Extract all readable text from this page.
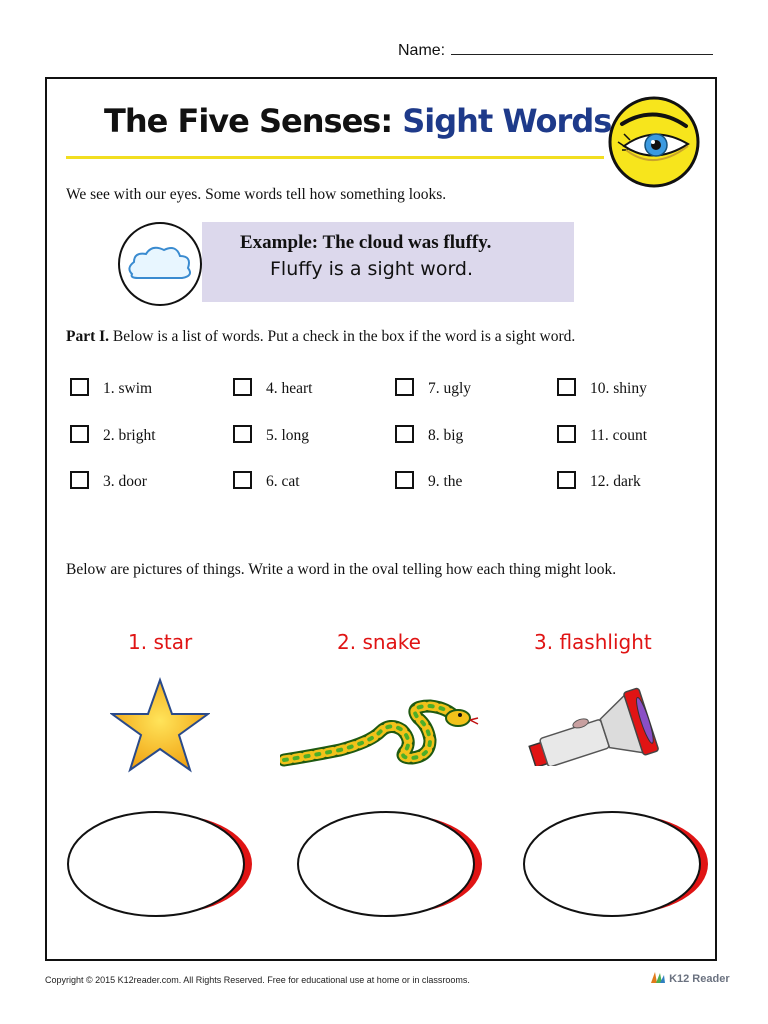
Name:
The Five Senses: Sight Words
We see with our eyes. Some words tell how something looks.
Example: The cloud was fluffy.
Fluffy is a sight word.
Part I. Below is a list of words. Put a check in the box if the word is a sight word.
1. swim
2. bright
3. door
4. heart
5. long
6. cat
7. ugly
8. big
9. the
10. shiny
11. count
12. dark
Below are pictures of things. Write a word in the oval telling how each thing might look.
1. star	2. snake	3. flashlight
Copyright © 2015 K12reader.com. All Rights Reserved. Free for educational use at home or in classrooms.	K12 Reader
